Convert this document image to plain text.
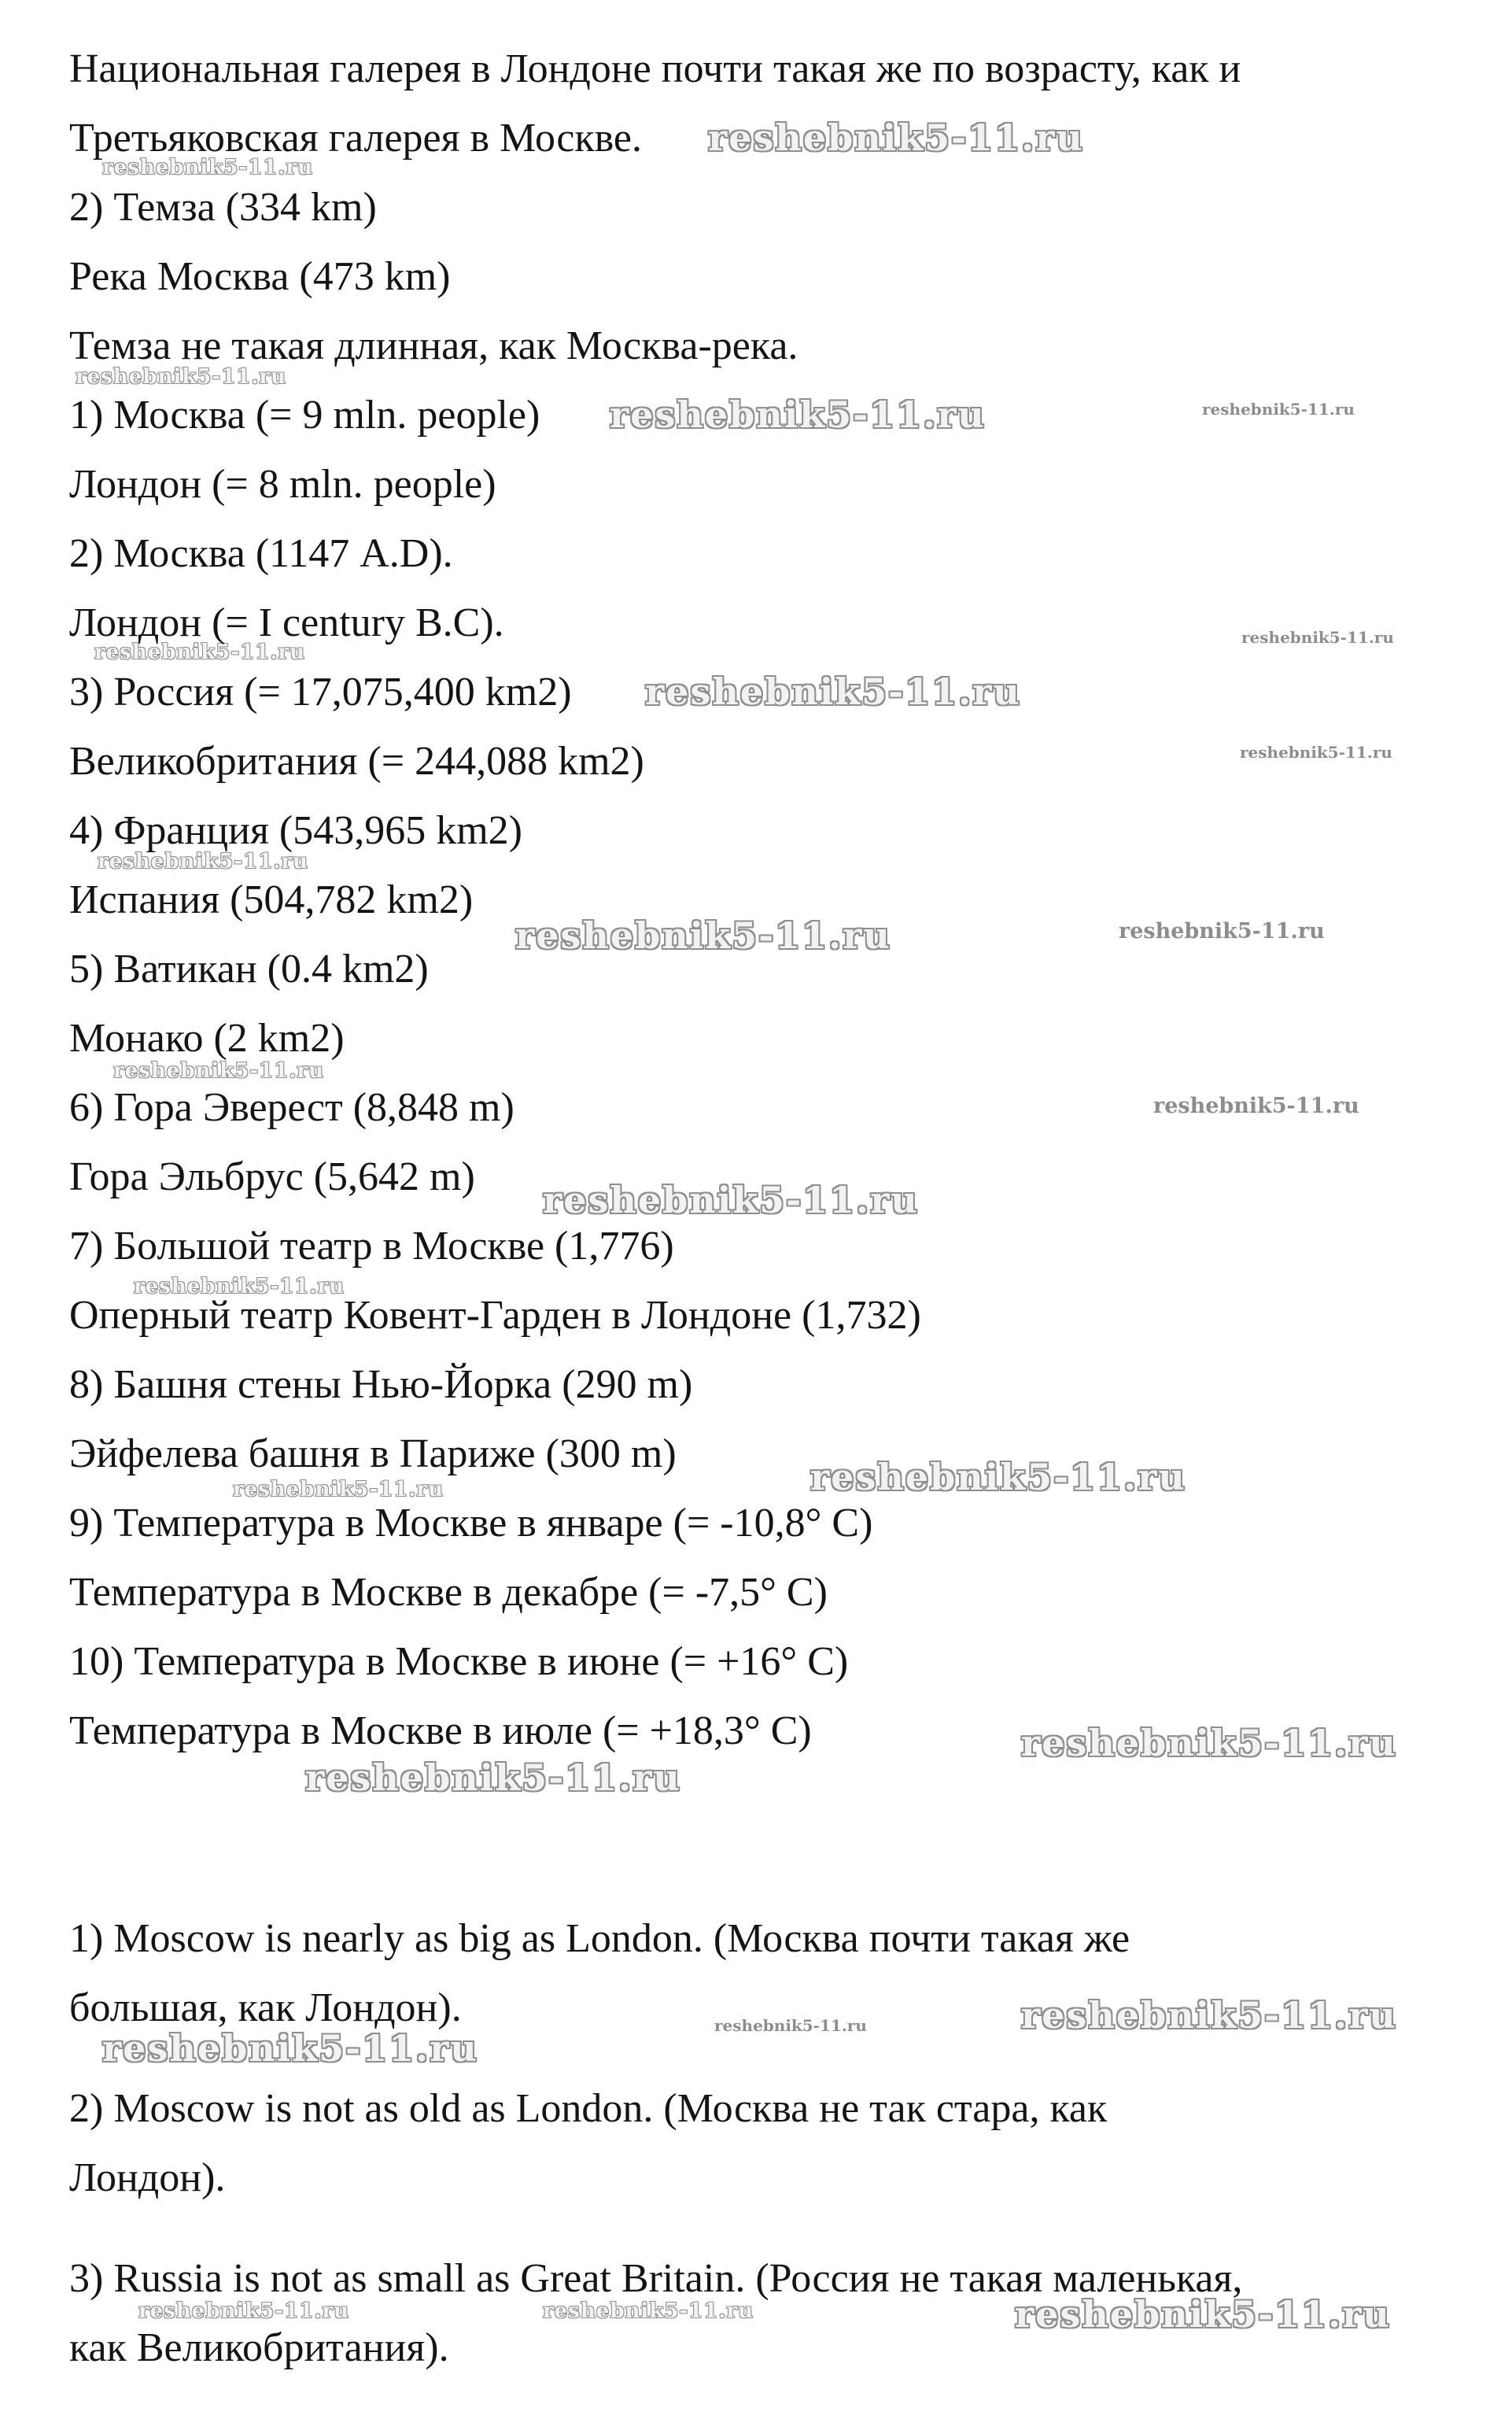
Национальная галерея в Лондоне почти такая же по возрасту, как и
Третьяковская галерея в Москве.
2) Темза (334 km)
Река Москва (473 km)
Темза не такая длинная, как Москва-река.
1) Москва (= 9 mln. people)
Лондон (= 8 mln. people)
2) Москва (1147 A.D).
Лондон (= I century B.C).
3) Россия (= 17,075,400 km2)
Великобритания (= 244,088 km2)
4) Франция (543,965 km2)
Испания (504,782 km2)
5) Ватикан (0.4 km2)
Монако (2 km2)
6) Гора Эверест (8,848 m)
Гора Эльбрус (5,642 m)
7) Большой театр в Москве (1,776)
Оперный театр Ковент-Гарден в Лондоне (1,732)
8) Башня стены Нью-Йорка (290 m)
Эйфелева башня в Париже (300 m)
9) Температура в Москве в январе (= -10,8° C)
Температура в Москве в декабре (= -7,5° C)
10) Температура в Москве в июне (= +16° C)
Температура в Москве в июле (= +18,3° C)
1) Moscow is nearly as big as London. (Москва почти такая же
большая, как Лондон).
2) Moscow is not as old as London. (Москва не так стара, как
Лондон).
3) Russia is not as small as Great Britain. (Россия не такая маленькая,
как Великобритания).
reshebnik5-11.ru
reshebnik5-11.ru
reshebnik5-11.ru
reshebnik5-11.ru
reshebnik5-11.ru
reshebnik5-11.ru
reshebnik5-11.ru
reshebnik5-11.ru
reshebnik5-11.ru
reshebnik5-11.ru
reshebnik5-11.ru
reshebnik5-11.ru
reshebnik5-11.ru
reshebnik5-11.ru
reshebnik5-11.ru
reshebnik5-11.ru
reshebnik5-11.ru
reshebnik5-11.ru
reshebnik5-11.ru	reshebnik5-11.ru
reshebnik5-11.ru
reshebnik5-11.ru
reshebnik5-11.ru
reshebnik5-11.ru
reshebnik5-11.ru
reshebnik5-11.ru
